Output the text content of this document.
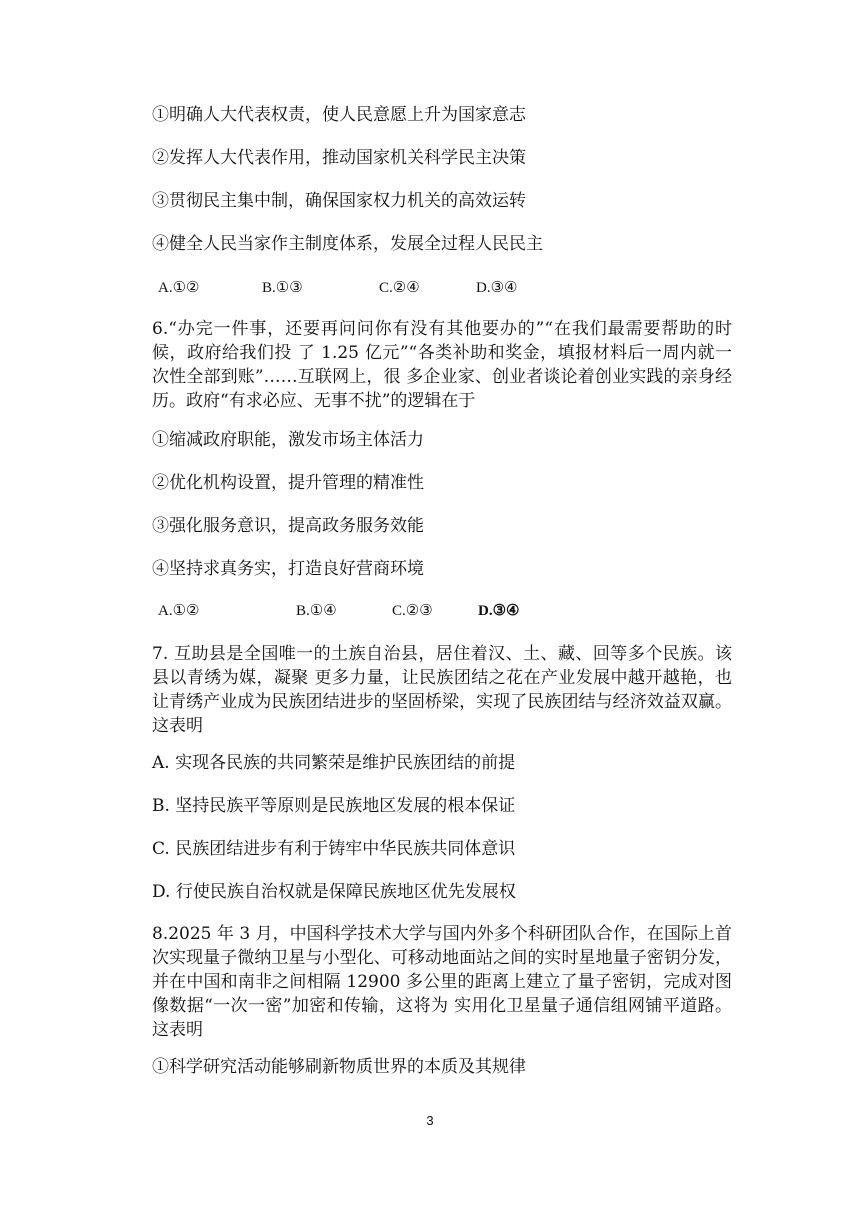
①明确人大代表权责，使人民意愿上升为国家意志
②发挥人大代表作用，推动国家机关科学民主决策
③贯彻民主集中制，确保国家权力机关的高效运转
④健全人民当家作主制度体系，发展全过程人民民主
A.①②	B.①③	C.②④	D.③④
6.“办完一件事，还要再问问你有没有其他要办的”“在我们最需要帮助的时候，政府给我们投 了 1.25 亿元”“各类补助和奖金，填报材料后一周内就一次性全部到账”……互联网上，很 多企业家、创业者谈论着创业实践的亲身经历。政府“有求必应、无事不扰”的逻辑在于
①缩减政府职能，激发市场主体活力
②优化机构设置，提升管理的精准性
③强化服务意识，提高政务服务效能
④坚持求真务实，打造良好营商环境
A.①②	B.①④	C.②③	D.③④
7. 互助县是全国唯一的土族自治县，居住着汉、土、藏、回等多个民族。该县以青绣为媒，凝聚 更多力量，让民族团结之花在产业发展中越开越艳，也让青绣产业成为民族团结进步的坚固桥梁，实现了民族团结与经济效益双赢。这表明
A. 实现各民族的共同繁荣是维护民族团结的前提
B. 坚持民族平等原则是民族地区发展的根本保证
C. 民族团结进步有利于铸牢中华民族共同体意识
D. 行使民族自治权就是保障民族地区优先发展权
8.2025 年 3 月，中国科学技术大学与国内外多个科研团队合作，在国际上首次实现量子微纳卫星与小型化、可移动地面站之间的实时星地量子密钥分发，并在中国和南非之间相隔 12900 多公里的距离上建立了量子密钥，完成对图像数据“一次一密”加密和传输，这将为 实用化卫星量子通信组网铺平道路。这表明
①科学研究活动能够刷新物质世界的本质及其规律
3
